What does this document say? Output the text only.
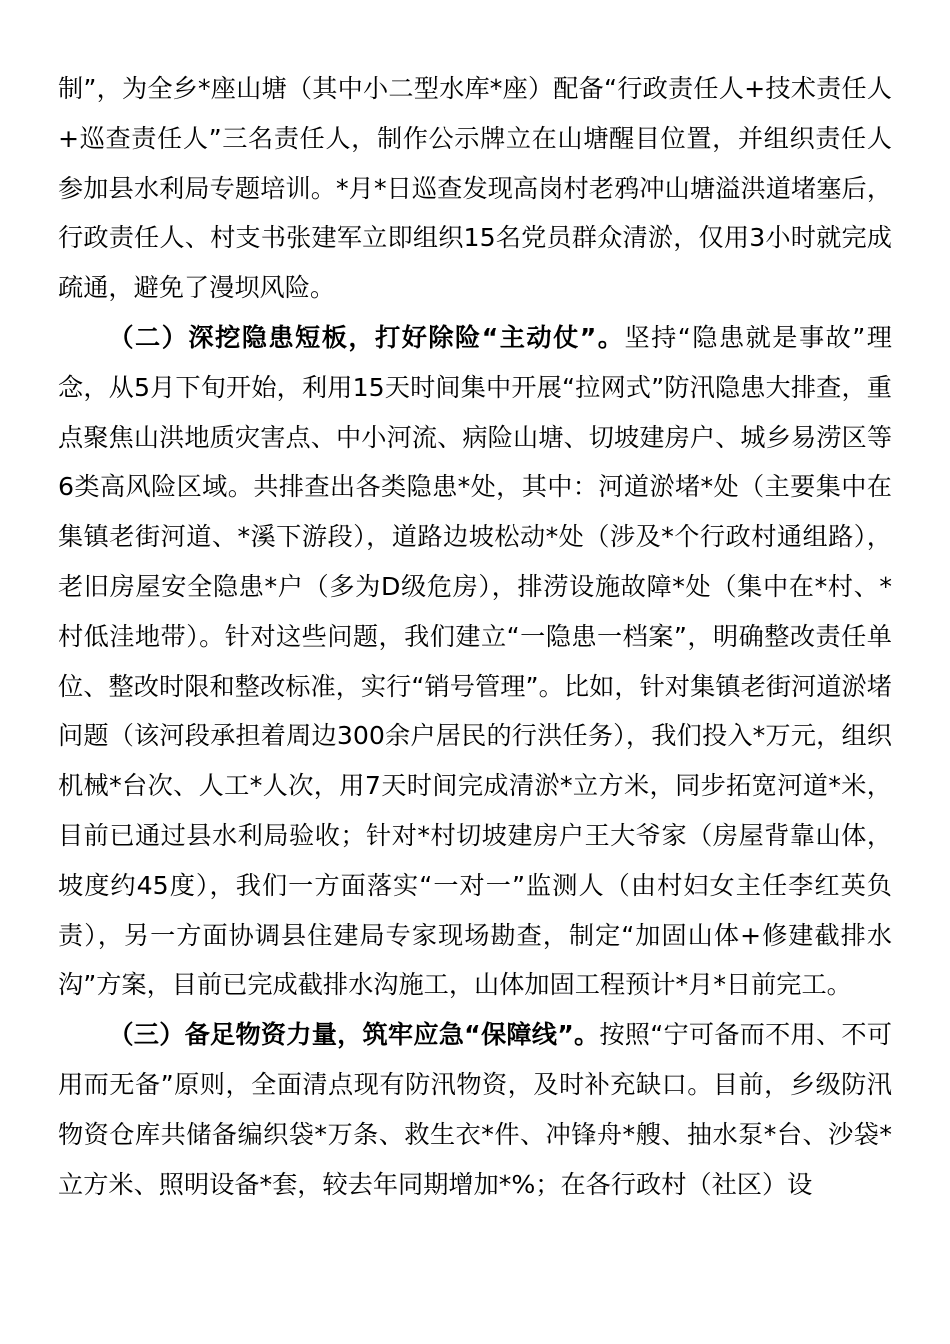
制”，为全乡*座山塘（其中小二型水库*座）配备“行政责任人+技术责任人+巡查责任人”三名责任人，制作公示牌立在山塘醒目位置，并组织责任人参加县水利局专题培训。*月*日巡查发现高岗村老鸦冲山塘溢洪道堵塞后，行政责任人、村支书张建军立即组织15名党员群众清淤，仅用3小时就完成疏通，避免了漫坝风险。

（二）深挖隐患短板，打好除险“主动仗”。坚持“隐患就是事故”理念，从5月下旬开始，利用15天时间集中开展“拉网式”防汛隐患大排查，重点聚焦山洪地质灾害点、中小河流、病险山塘、切坡建房户、城乡易涝区等6类高风险区域。共排查出各类隐患*处，其中：河道淤堵*处（主要集中在集镇老街河道、*溪下游段），道路边坡松动*处（涉及*个行政村通组路），老旧房屋安全隐患*户（多为D级危房），排涝设施故障*处（集中在*村、*村低洼地带）。针对这些问题，我们建立“一隐患一档案”，明确整改责任单位、整改时限和整改标准，实行“销号管理”。比如，针对集镇老街河道淤堵问题（该河段承担着周边300余户居民的行洪任务），我们投入*万元，组织机械*台次、人工*人次，用7天时间完成清淤*立方米，同步拓宽河道*米，目前已通过县水利局验收；针对*村切坡建房户王大爷家（房屋背靠山体，坡度约45度），我们一方面落实“一对一”监测人（由村妇女主任李红英负责），另一方面协调县住建局专家现场勘查，制定“加固山体+修建截排水沟”方案，目前已完成截排水沟施工，山体加固工程预计*月*日前完工。

（三）备足物资力量，筑牢应急“保障线”。按照“宁可备而不用、不可用而无备”原则，全面清点现有防汛物资，及时补充缺口。目前，乡级防汛物资仓库共储备编织袋*万条、救生衣*件、冲锋舟*艘、抽水泵*台、沙袋*立方米、照明设备*套，较去年同期增加*%；在各行政村（社区）设
